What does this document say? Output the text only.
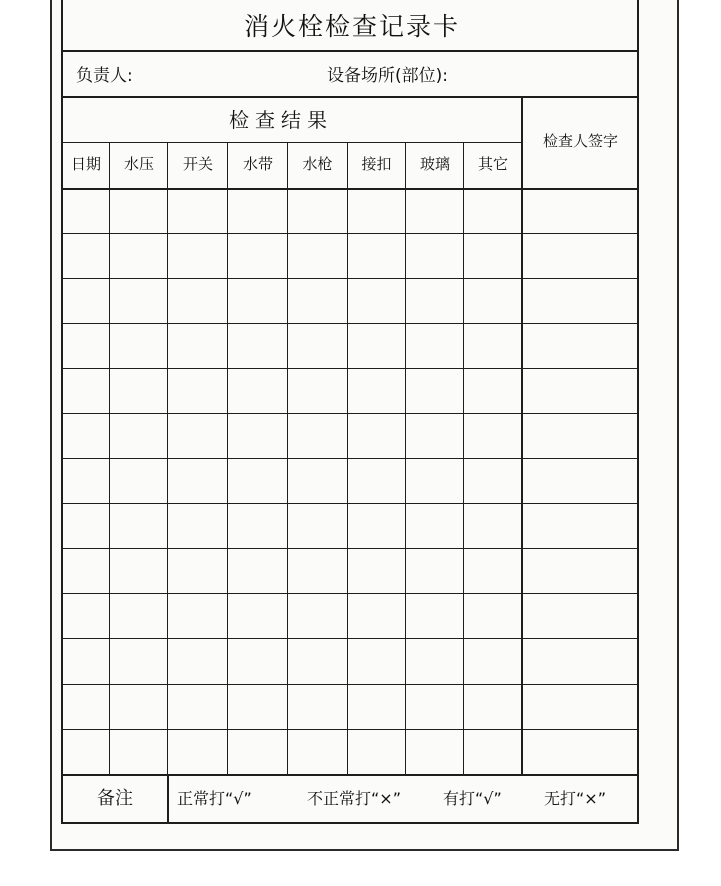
消火栓检查记录卡
负责人:	设备场所(部位):
检查结果
检查人签字
日期	水压	开关	水带	水枪	接扣	玻璃	其它
备注	正常打“√”	不正常打“×”	有打“√”	无打“×”
